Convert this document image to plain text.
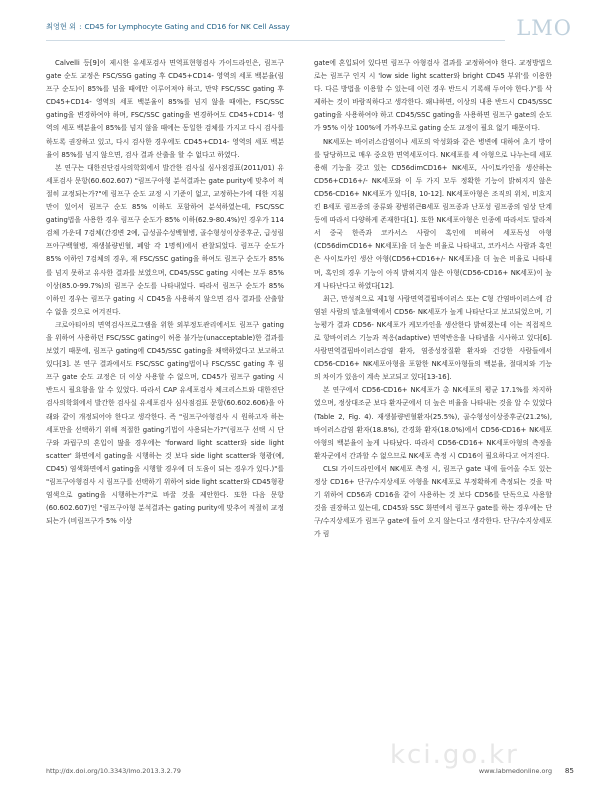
최영현 외 : CD45 for Lymphocyte Gating and CD16 for NK Cell Assay	LMO

Calvelli 등[9]이 제시한 유세포검사 면역표현형검사 가이드라인은, 림프구 gate 순도 교정은 FSC/SSG gating 후 CD45+CD14- 영역의 세포 백분율(림프구 순도)이 85%를 넘을 때에만 이루어져야 하고, 만약 FSC/SSC gating 후 CD45+CD14- 영역의 세포 백분율이 85%를 넘지 않을 때에는, FSC/SSC gating을 변경하여야 하며, FSC/SSC gating을 변경하여도 CD45+CD14- 영역의 세포 백분율이 85%를 넘지 않을 때에는 동일한 검체를 가지고 다시 검사를 하도록 권장하고 있고, 다시 검사한 경우에도 CD45+CD14- 영역의 세포 백분율이 85%를 넘지 않으면, 검사 결과 산출을 할 수 없다고 하였다.

본 연구는 대한진단검사의학회에서 발간한 검사실 심사점검표(2011/01) 유세포검사 문항(60.602.607) "림프구아형 분석결과는 gate purity에 맞추어 적절히 교정되는가?"에 림프구 순도 교정 시 기준이 없고, 교정하는가에 대한 지침만이 있어서 림프구 순도 85% 이하도 포함하여 분석하였는데, FSC/SSC gating법을 사용한 경우 림프구 순도가 85% 이하(62.9-80.4%)인 경우가 114검체 가운데 7검체(간경변 2예, 급성골수성백혈병, 골수형성이상증후군, 급성림프아구백혈병, 재생불량빈혈, 폐암 각 1명씩)에서 관찰되었다. 림프구 순도가 85% 이하인 7검체의 경우, 재 FSC/SSC gating을 하여도 림프구 순도가 85%를 넘지 못하고 유사한 결과를 보였으며, CD45/SSC gating 시에는 모두 85% 이상(85.0-99.7%)의 림프구 순도를 나타내었다. 따라서 림프구 순도가 85% 이하인 경우는 림프구 gating 시 CD45을 사용하지 않으면 검사 결과를 산출할 수 없을 것으로 여겨진다.

크로아티아의 면역검사프로그램을 위한 외부정도관리에서도 림프구 gating을 위하여 사용하던 FSC/SSC gating이 허용 불가능(unacceptable)한 결과를 보였기 때문에, 림프구 gating에 CD45/SSC gating을 채택하였다고 보고하고 있다[3]. 본 연구 결과에서도 FSC/SSC gating법이나 FSC/SSC gating 후 림프구 gate 순도 교정은 더 이상 사용할 수 없으며, CD45가 림프구 gating 시 반드시 필요함을 알 수 있었다. 따라서 CAP 유세포검사 체크리스트와 대한진단검사의학회에서 발간한 검사실 유세포검사 심사점검표 문항(60.602.606)을 아래와 같이 개정되어야 한다고 생각한다. 즉 "림프구아형검사 시 원하고자 하는 세포만을 선택하기 위해 적절한 gating기법이 사용되는가?"(림프구 선택 시 단구와 과립구의 혼입이 많을 경우에는 'forward light scatter와 side light scatter' 화면에서 gating을 시행하는 것 보다 side light scatter와 형광(예, CD45) 염색화면에서 gating을 시행할 경우에 더 도움이 되는 경우가 있다.)"를 "림프구아형검사 시 림프구를 선택하기 위하여 side light scatter와 CD45형광염색으로 gating을 시행하는가?"로 바꿀 것을 제안한다. 또한 다음 문항(60.602.607)인 "림프구아형 분석결과는 gating purity에 맞추어 적절히 교정되는가 (비림프구가 5% 이상

gate에 혼입되어 있다면 림프구 아형검사 결과를 교정하여야 한다. 교정방법으로는 림프구 인지 시 'low side light scatter와 bright CD45 부위'를 이용한다. 다른 방법을 이용할 수 있는데 이런 경우 반드시 기록해 두어야 한다.)"를 삭제하는 것이 바람직하다고 생각한다. 왜냐하면, 이상의 내용 반드시 CD45/SSC gating을 사용하여야 하고 CD45/SSC gating을 사용하면 림프구 gate의 순도가 95% 이상 100%에 가까우므로 gating 순도 교정이 필요 없기 때문이다.

NK세포는 바이러스감염이나 세포의 악성화와 같은 병변에 대하여 초기 방어를 담당하므로 매우 중요한 면역세포이다. NK세포를 세 아형으로 나누는데 세포 용해 기능을 갖고 있는 CD56dimCD16+ NK세포, 사이토카인을 생산하는 CD56+CD16+/- NK세포와 이 두 가지 모두 정확한 기능이 밝혀지지 않은 CD56-CD16+ NK세포가 있다[8, 10-12]. NK세포아형은 조직의 위치, 비호지킨 B세포 림프종의 종류와 광범위큰B세포 림프종과 난포성 림프종의 임상 단계 등에 따라서 다양하게 존재한다[1]. 또한 NK세포아형은 인종에 따라서도 달라져서 중국 한족과 코카서스 사람이 혹인에 비하여 세포독성 아형(CD56dimCD16+ NK세포)을 더 높은 비율로 나타내고, 코카서스 사람과 혹인은 사이토카인 생산 아형(CD56+CD16+/- NK세포)을 더 높은 비율로 나타내며, 혹인의 경우 기능이 아직 밝혀지지 않은 아형(CD56-CD16+ NK세포)이 높게 나타난다고 하였다[12].

최근, 만성적으로 제1형 사람면역결핍바이러스 또는 C형 간염바이러스에 감염된 사람의 말초혈액에서 CD56- NK세포가 높게 나타난다고 보고되었으며, 기능평가 결과 CD56- NK세포가 케모카인을 생산한다 밝혀졌는데 이는 직접적으로 항바이러스 기능과 적응(adaptive) 면역반응을 나타낼을 시사하고 있다[6]. 사람면역결핍바이러스감염 환자, 염증성장질환 환자와 건강한 사람들에서 CD56-CD16+ NK세포아형을 포함한 NK세포아형들의 백분율, 절대치와 기능의 차이가 있음이 계속 보고되고 있다[13-16].

본 연구에서 CD56-CD16+ NK세포가 총 NK세포의 평균 17.1%를 차지하였으며, 정상대조군 보다 환자군에서 더 높은 비율을 나타내는 것을 알 수 있었다(Table 2, Fig. 4). 재생불량빈혈환자(25.5%), 골수형성이상증후군(21.2%), 바이러스감염 환자(18.8%), 간경화 환자(18.0%)에서 CD56-CD16+ NK세포아형의 백분율이 높게 나타났다. 따라서 CD56-CD16+ NK세포아형의 측정을 환자군에서 간과할 수 없으므로 NK세포 측정 시 CD16이 필요하다고 여겨진다.

CLSI 가이드라인에서 NK세포 측정 시, 림프구 gate 내에 들어올 수도 있는 정상 CD16+ 단구/수지상세포 아형을 NK세포로 부정확하게 측정되는 것을 막기 위하여 CD56과 CD16을 같이 사용하는 것 보다 CD56를 단독으로 사용할 것을 권장하고 있는데, CD45와 SSC 화면에서 림프구 gate를 하는 경우에는 단구/수지상세포가 림프구 gate에 들어 오지 않는다고 생각한다. 단구/수지상세포가 림

kci.go.kr
http://dx.doi.org/10.3343/lmo.2013.3.2.79	www.labmedonline.org 85
